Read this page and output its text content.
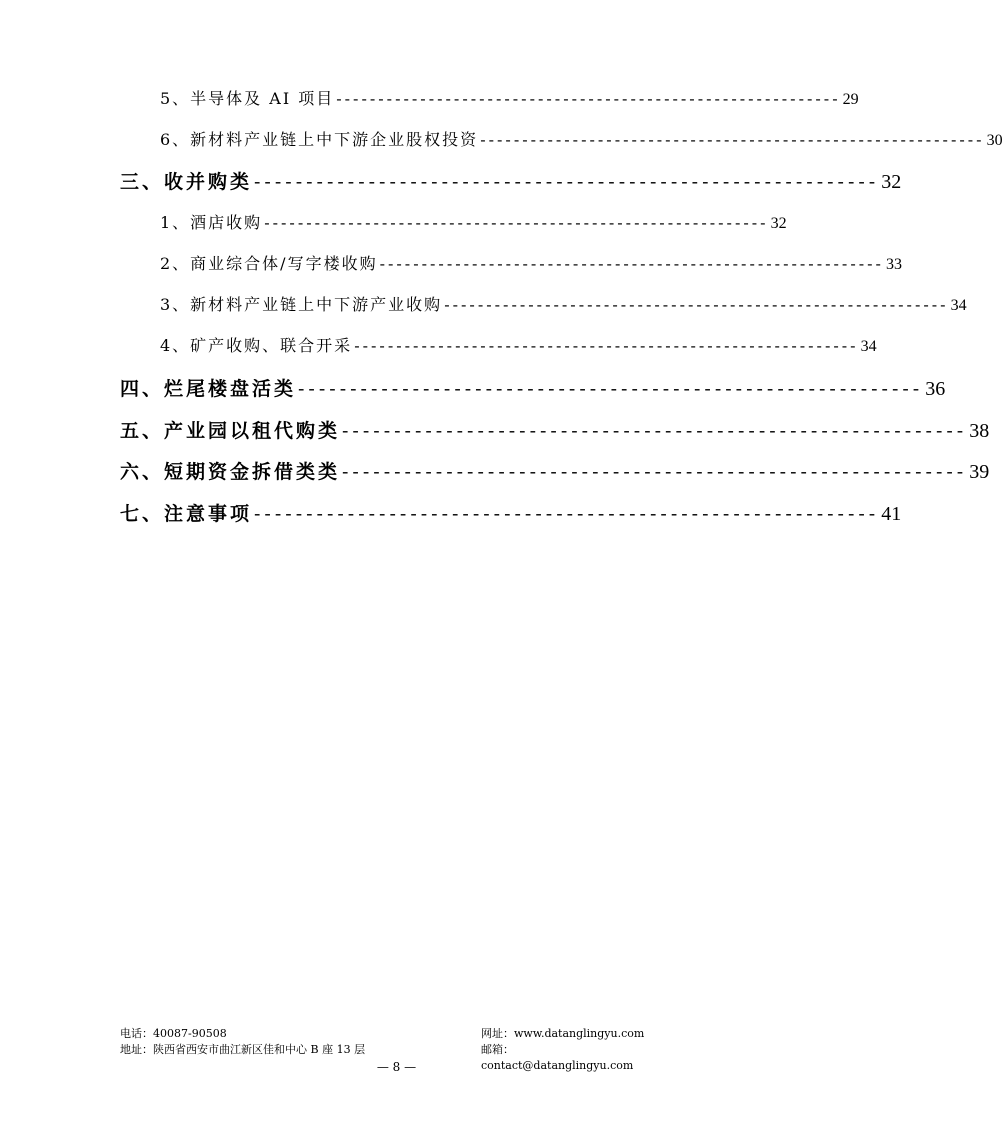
5、半导体及 AI 项目 ------------------------------------------------------------ 29
6、新材料产业链上中下游企业股权投资 ------------------------------------------------------------ 30
三、收并购类 ------------------------------------------------------------ 32
1、酒店收购 ------------------------------------------------------------ 32
2、商业综合体/写字楼收购 ------------------------------------------------------------ 33
3、新材料产业链上中下游产业收购 ------------------------------------------------------------ 34
4、矿产收购、联合开采 ------------------------------------------------------------ 34
四、烂尾楼盘活类 ------------------------------------------------------------ 36
五、产业园以租代购类 ------------------------------------------------------------ 38
六、短期资金拆借类类 ------------------------------------------------------------ 39
七、注意事项 ------------------------------------------------------------ 41
电话：40087-90508	网址：www.datanglingyu.com
地址：陕西省西安市曲江新区佳和中心 B 座 13 层	邮箱：contact@datanglingyu.com
— 8 —
